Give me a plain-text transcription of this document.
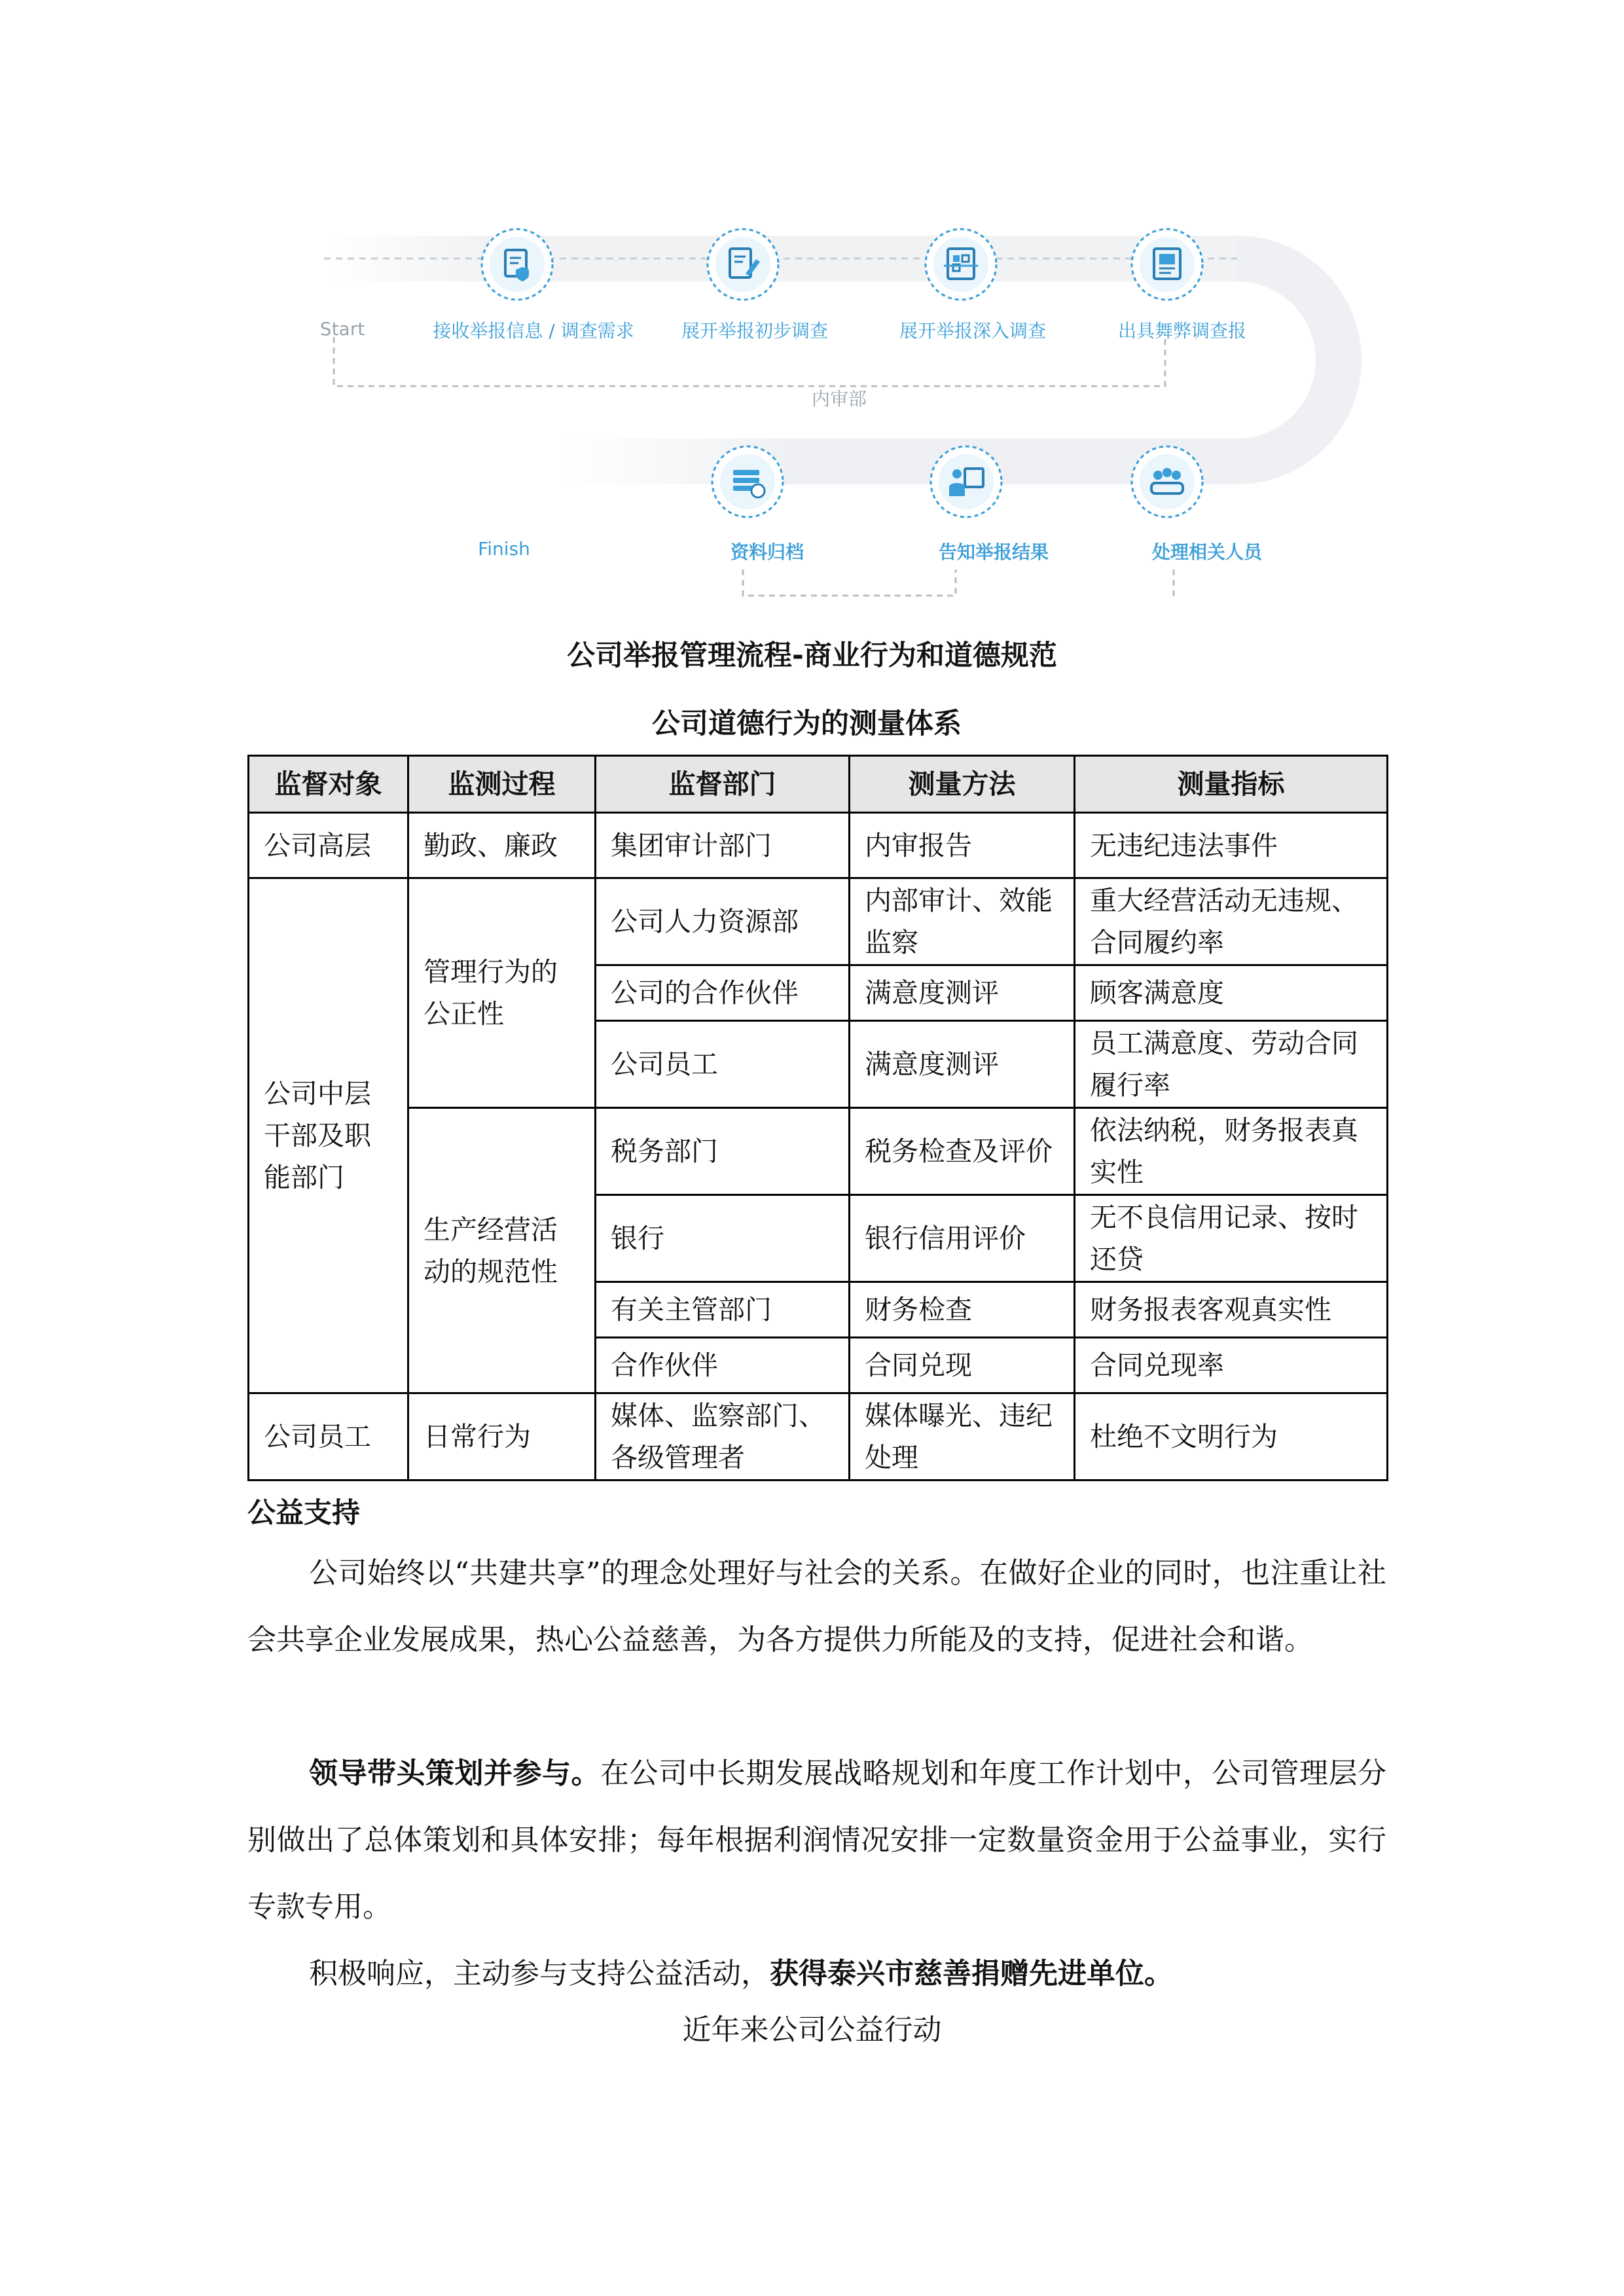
Start	接收举报信息 / 调查需求	展开举报初步调查	展开举报深入调查	出具舞弊调查报
内审部
Finish	资料归档	告知举报结果	处理相关人员
公司举报管理流程-商业行为和道德规范
公司道德行为的测量体系
监督对象	监测过程	监督部门	测量方法	测量指标
公司高层	勤政、廉政	集团审计部门	内审报告	无违纪违法事件
公司中层干部及职能部门	管理行为的公正性	公司人力资源部	内部审计、效能监察	重大经营活动无违规、合同履约率
		公司的合作伙伴	满意度测评	顾客满意度
		公司员工	满意度测评	员工满意度、劳动合同履行率
	生产经营活动的规范性	税务部门	税务检查及评价	依法纳税，财务报表真实性
		银行	银行信用评价	无不良信用记录、按时还贷
		有关主管部门	财务检查	财务报表客观真实性
		合作伙伴	合同兑现	合同兑现率
公司员工	日常行为	媒体、监察部门、各级管理者	媒体曝光、违纪处理	杜绝不文明行为
公益支持

公司始终以“共建共享”的理念处理好与社会的关系。在做好企业的同时，也注重让社会共享企业发展成果，热心公益慈善，为各方提供力所能及的支持，促进社会和谐。

领导带头策划并参与。在公司中长期发展战略规划和年度工作计划中，公司管理层分别做出了总体策划和具体安排；每年根据利润情况安排一定数量资金用于公益事业，实行专款专用。

积极响应，主动参与支持公益活动，获得泰兴市慈善捐赠先进单位。

近年来公司公益行动
